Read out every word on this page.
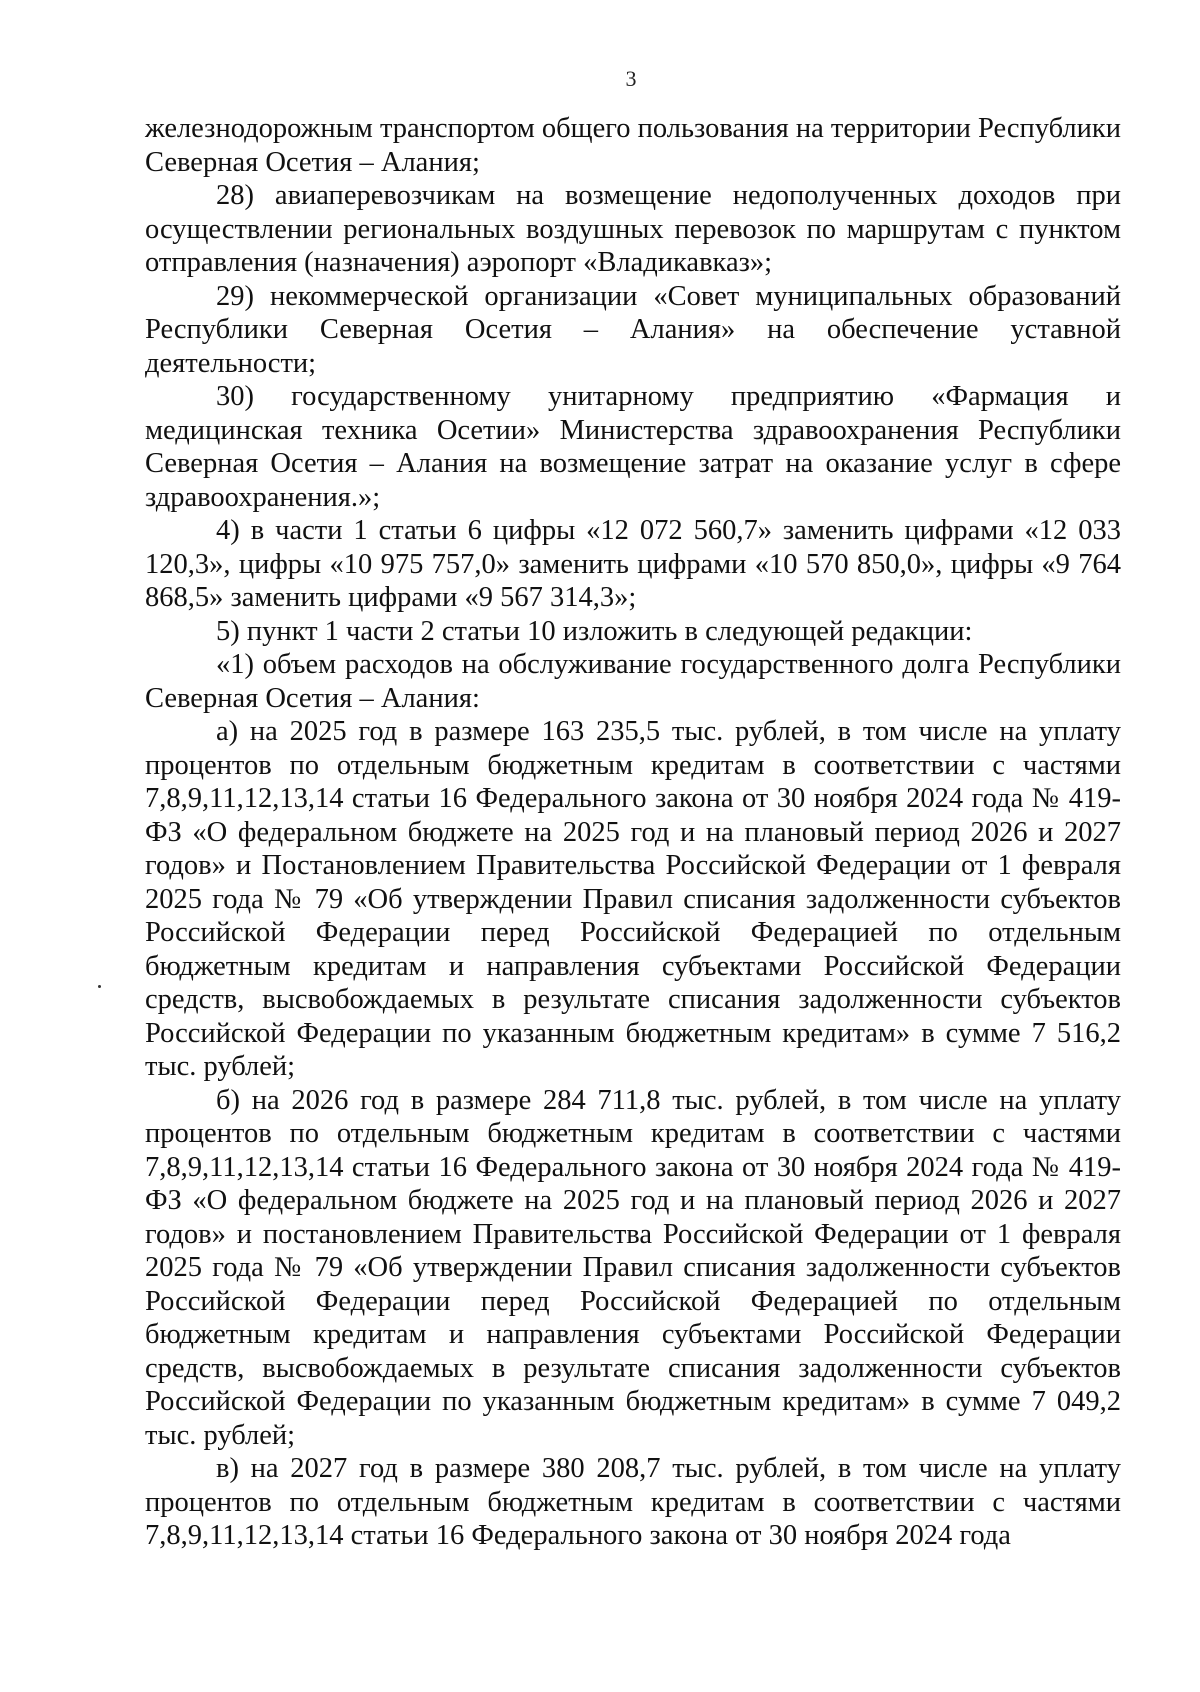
3

железнодорожным транспортом общего пользования на территории Республики Северная Осетия – Алания;

28) авиаперевозчикам на возмещение недополученных доходов при осуществлении региональных воздушных перевозок по маршрутам с пунктом отправления (назначения) аэропорт «Владикавказ»;

29) некоммерческой организации «Совет муниципальных образований Республики Северная Осетия – Алания» на обеспечение уставной деятельности;

30) государственному унитарному предприятию «Фармация и медицинская техника Осетии» Министерства здравоохранения Республики Северная Осетия – Алания на возмещение затрат на оказание услуг в сфере здравоохранения.»;

4) в части 1 статьи 6 цифры «12 072 560,7» заменить цифрами «12 033 120,3», цифры «10 975 757,0» заменить цифрами «10 570 850,0», цифры «9 764 868,5» заменить цифрами «9 567 314,3»;

5) пункт 1 части 2 статьи 10 изложить в следующей редакции:

«1) объем расходов на обслуживание государственного долга Республики Северная Осетия – Алания:

а) на 2025 год в размере 163 235,5 тыс. рублей, в том числе на уплату процентов по отдельным бюджетным кредитам в соответствии с частями 7,8,9,11,12,13,14 статьи 16 Федерального закона от 30 ноября 2024 года № 419-ФЗ «О федеральном бюджете на 2025 год и на плановый период 2026 и 2027 годов» и Постановлением Правительства Российской Федерации от 1 февраля 2025 года № 79 «Об утверждении Правил списания задолженности субъектов Российской Федерации перед Российской Федерацией по отдельным бюджетным кредитам и направления субъектами Российской Федерации средств, высвобождаемых в результате списания задолженности субъектов Российской Федерации по указанным бюджетным кредитам» в сумме 7 516,2 тыс. рублей;

б) на 2026 год в размере 284 711,8 тыс. рублей, в том числе на уплату процентов по отдельным бюджетным кредитам в соответствии с частями 7,8,9,11,12,13,14 статьи 16 Федерального закона от 30 ноября 2024 года № 419-ФЗ «О федеральном бюджете на 2025 год и на плановый период 2026 и 2027 годов» и постановлением Правительства Российской Федерации от 1 февраля 2025 года № 79 «Об утверждении Правил списания задолженности субъектов Российской Федерации перед Российской Федерацией по отдельным бюджетным кредитам и направления субъектами Российской Федерации средств, высвобождаемых в результате списания задолженности субъектов Российской Федерации по указанным бюджетным кредитам» в сумме 7 049,2 тыс. рублей;

в) на 2027 год в размере 380 208,7 тыс. рублей, в том числе на уплату процентов по отдельным бюджетным кредитам в соответствии с частями 7,8,9,11,12,13,14 статьи 16 Федерального закона от 30 ноября 2024 года
